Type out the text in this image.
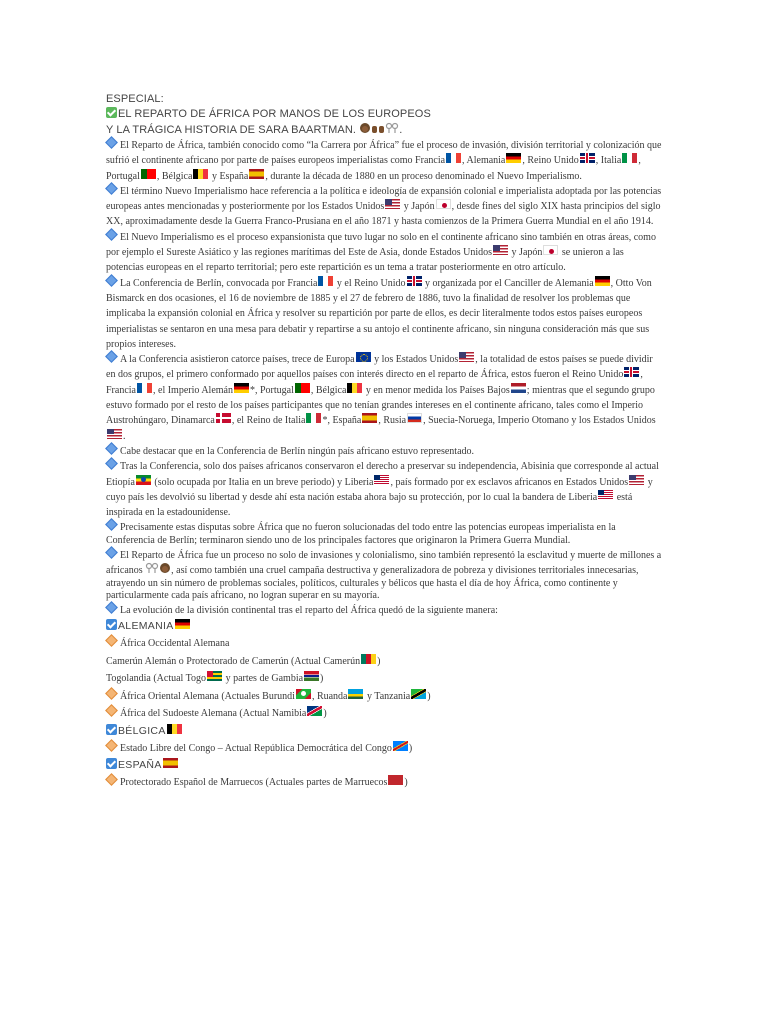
ESPECIAL:
EL REPARTO DE ÁFRICA POR MANOS DE LOS EUROPEOS
Y LA TRÁGICA HISTORIA DE SARA BAARTMAN.	.

El Reparto de África, también conocido como “la Carrera por África” fue el proceso de invasión, división territorial y colonización que sufrió el continente africano por parte de países europeos imperialistas como Francia , Alemania , Reino Unido , Italia , Portugal , Bélgica y España , durante la década de 1880 en un proceso denominado el Nuevo Imperialismo.

El término Nuevo Imperialismo hace referencia a la política e ideología de expansión colonial e imperialista adoptada por las potencias europeas antes mencionadas y posteriormente por los Estados Unidos y Japón , desde fines del siglo XIX hasta principios del siglo XX, aproximadamente desde la Guerra Franco-Prusiana en el año 1871 y hasta comienzos de la Primera Guerra Mundial en el año 1914.

El Nuevo Imperialismo es el proceso expansionista que tuvo lugar no solo en el continente africano sino también en otras áreas, como por ejemplo el Sureste Asiático y las regiones marítimas del Este de Asia, donde Estados Unidos y Japón se unieron a las potencias europeas en el reparto territorial; pero este repartición es un tema a tratar posteriormente en otro artículo.

La Conferencia de Berlín, convocada por Francia y el Reino Unido y organizada por el Canciller de Alemania , Otto Von Bismarck en dos ocasiones, el 16 de noviembre de 1885 y el 27 de febrero de 1886, tuvo la finalidad de resolver los problemas que implicaba la expansión colonial en África y resolver su repartición por parte de ellos, es decir literalmente todos estos países europeos imperialistas se sentaron en una mesa para debatir y repartirse a su antojo el continente africano, sin ninguna consideración más que sus propios intereses.

A la Conferencia asistieron catorce países, trece de Europa y los Estados Unidos , la totalidad de estos países se puede dividir en dos grupos, el primero conformado por aquellos países con interés directo en el reparto de África, estos fueron el Reino Unido , Francia , el Imperio Alemán *, Portugal , Bélgica y en menor medida los Países Bajos ; mientras que el segundo grupo estuvo formado por el resto de los países participantes que no tenían grandes intereses en el continente africano, tales como el Imperio Austrohúngaro, Dinamarca , el Reino de Italia *, España , Rusia , Suecia-Noruega, Imperio Otomano y los Estados Unidos.

Cabe destacar que en la Conferencia de Berlín ningún país africano estuvo representado.

Tras la Conferencia, solo dos países africanos conservaron el derecho a preservar su independencia, Abisinia que corresponde al actual Etiopía (solo ocupada por Italia en un breve periodo) y Liberia , país formado por ex esclavos africanos en Estados Unidos y cuyo país les devolvió su libertad y desde ahí esta nación estaba ahora bajo su protección, por lo cual la bandera de Liberia está inspirada en la estadounidense.

Precisamente estas disputas sobre África que no fueron solucionadas del todo entre las potencias europeas imperialista en la Conferencia de Berlín; terminaron siendo uno de los principales factores que originaron la Primera Guerra Mundial.

El Reparto de África fue un proceso no solo de invasiones y colonialismo, sino también representó la esclavitud y muerte de millones a africanos	, así como también una cruel campaña destructiva y generalizadora de pobreza y divisiones territoriales innecesarias, atrayendo un sin número de problemas sociales, políticos, culturales y bélicos que hasta el día de hoy África, como continente y particularmente cada país africano, no logran superar en su mayoría.

La evolución de la división continental tras el reparto del África quedó de la siguiente manera:

ALEMANIA
África Occidental Alemana
Camerún Alemán o Protectorado de Camerún (Actual Camerún )
Togolandia (Actual Togo y partes de Gambia )
África Oriental Alemana (Actuales Burundi , Ruanda y Tanzania )
África del Sudoeste Alemana (Actual Namibia )
BÉLGICA
Estado Libre del Congo – Actual República Democrática del Congo )
ESPAÑA
Protectorado Español de Marruecos (Actuales partes de Marruecos )
